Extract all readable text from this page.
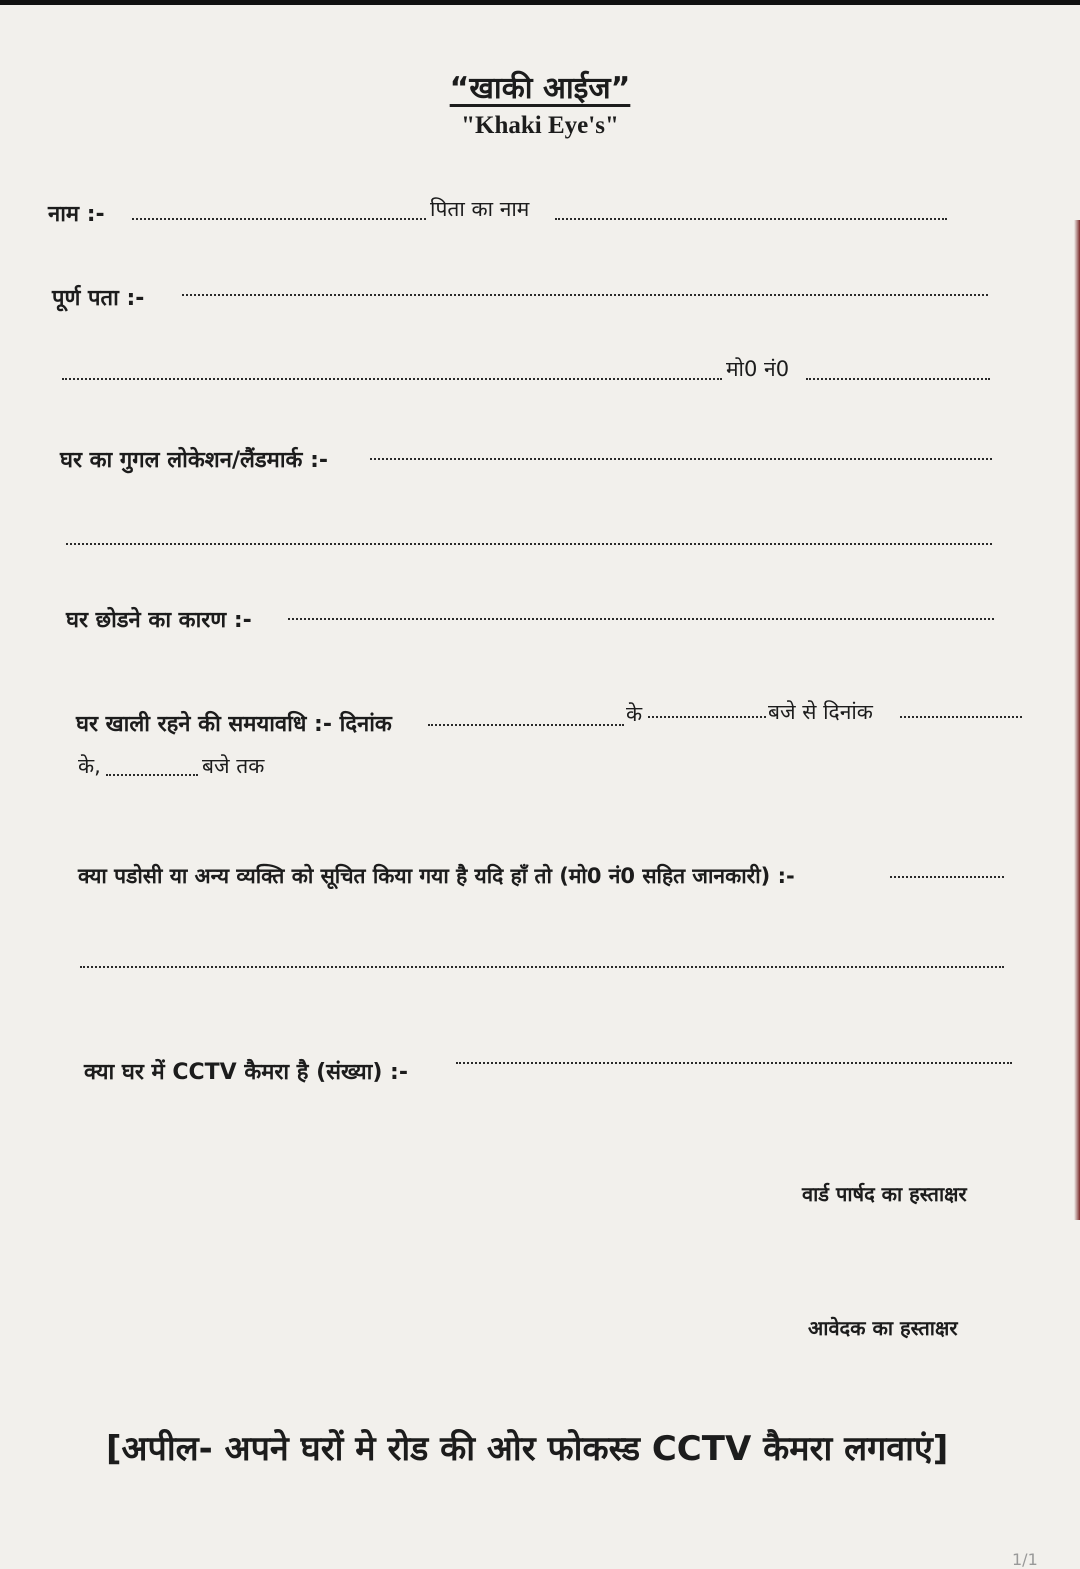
“खाकी आईज”
"Khaki Eye's"
नाम :-	पिता का नाम
पूर्ण पता :-
मो0 नं0
घर का गुगल लोकेशन/लैंडमार्क :-
घर छोडने का कारण :-
घर खाली रहने की समयावधि :- दिनांक	के	बजे से दिनांक
के,	बजे तक
क्या पडोसी या अन्य व्यक्ति को सूचित किया गया है यदि हाँ तो (मो0 नं0 सहित जानकारी) :-
क्या घर में CCTV कैमरा है (संख्या) :-
वार्ड पार्षद का हस्ताक्षर
आवेदक का हस्ताक्षर
[अपील- अपने घरों मे रोड की ओर फोकस्ड CCTV कैमरा लगवाएं]
1/1
